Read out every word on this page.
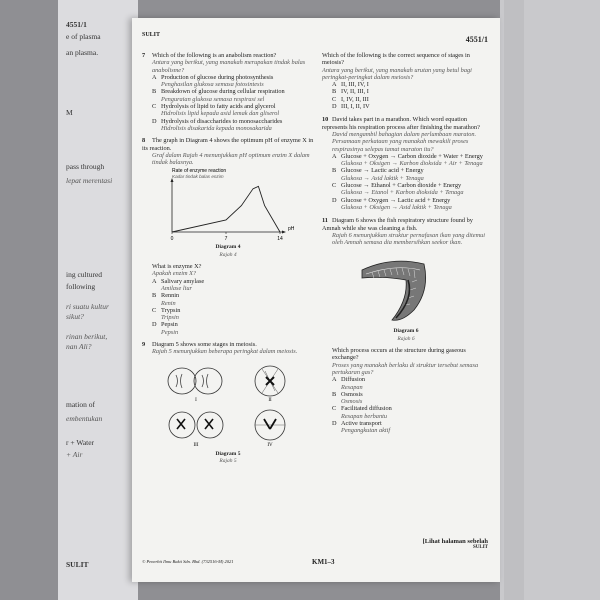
4551/1
e of plasma
an plasma.
M
pass through
lepat merentasi
ing cultured
following
ri suatu kultur
sikut?
rinan berikut,
nan Ali?
mation of
embentukan
r + Water
+ Air
SULIT
SULIT	4551/1

7 Which of the following is an anabolism reaction?

Antara yang berikut, yang manakah merupakan tindak balas anabolisme?

A Production of glucose during photosynthesis
Penghasilan glukosa semasa fotosintesis
B Breakdown of glucose during cellular respiration
Penguraian glukosa semasa respirasi sel
C Hydrolysis of lipid to fatty acids and glycerol
Hidrolisis lipid kepada asid lemak dan gliserol
D Hydrolysis of disaccharides to monosaccharides
Hidrolisis disakarida kepada monosakarida

8 The graph in Diagram 4 shows the optimum pH of enzyme X in its reaction.

Graf dalam Rajah 4 menunjukkan pH optimum enzim X dalam tindak balasnya.

Rate of enzyme reaction
Kadar tindak balas enzim
pH
0	7	14
Diagram 4
Rajah 4

What is enzyme X?

Apakah enzim X?

A Salivary amylase
Amilase liur
B Rennin
Renin
C Trypsin
Tripsin
D Pepsin
Pepsin

9 Diagram 5 shows some stages in meiosis.

Rajah 5 menunjukkan beberapa peringkat dalam meiosis.

I	II
III	IV
Diagram 5
Rajah 5

Which of the following is the correct sequence of stages in meiosis?

Antara yang berikut, yang manakah urutan yang betul bagi peringkat-peringkat dalam meiosis?

A II, III, IV, I
B IV, II, III, I
C I, IV, II, III
D III, I, II, IV

10 David takes part in a marathon. Which word equation represents his respiration process after finishing the marathon?

David mengambil bahagian dalam perlumbaan maraton. Persamaan perkataan yang manakah mewakili proses respirasinya selepas tamat maraton itu?

A Glucose + Oxygen → Carbon dioxide + Water + Energy
Glukosa + Oksigen → Karbon dioksida + Air + Tenaga
B Glucose → Lactic acid + Energy
Glukosa → Asid laktik + Tenaga
C Glucose → Ethanol + Carbon dioxide + Energy
Glukosa → Etanol + Karbon dioksida + Tenaga
D Glucose + Oxygen → Lactic acid + Energy
Glukosa + Oksigen → Asid laktik + Tenaga

11 Diagram 6 shows the fish respiratory structure found by Amnah while she was cleaning a fish.

Rajah 6 menunjukkan struktur pernafasan ikan yang ditemui oleh Amnah semasa dia membersihkan seekor ikan.

Diagram 6
Rajah 6

Which process occurs at the structure during gaseous exchange?

Proses yang manakah berlaku di struktur tersebut semasa pertukaran gas?

A Diffusion
Resapan
B Osmosis
Osmosis
C Facilitated diffusion
Resapan berbantu
D Active transport
Pengangkutan aktif
[Lihat halaman sebelah
SULIT
© Penerbit Ilmu Bakti Sdn. Bhd. (732516-M) 2021	KM1–3
